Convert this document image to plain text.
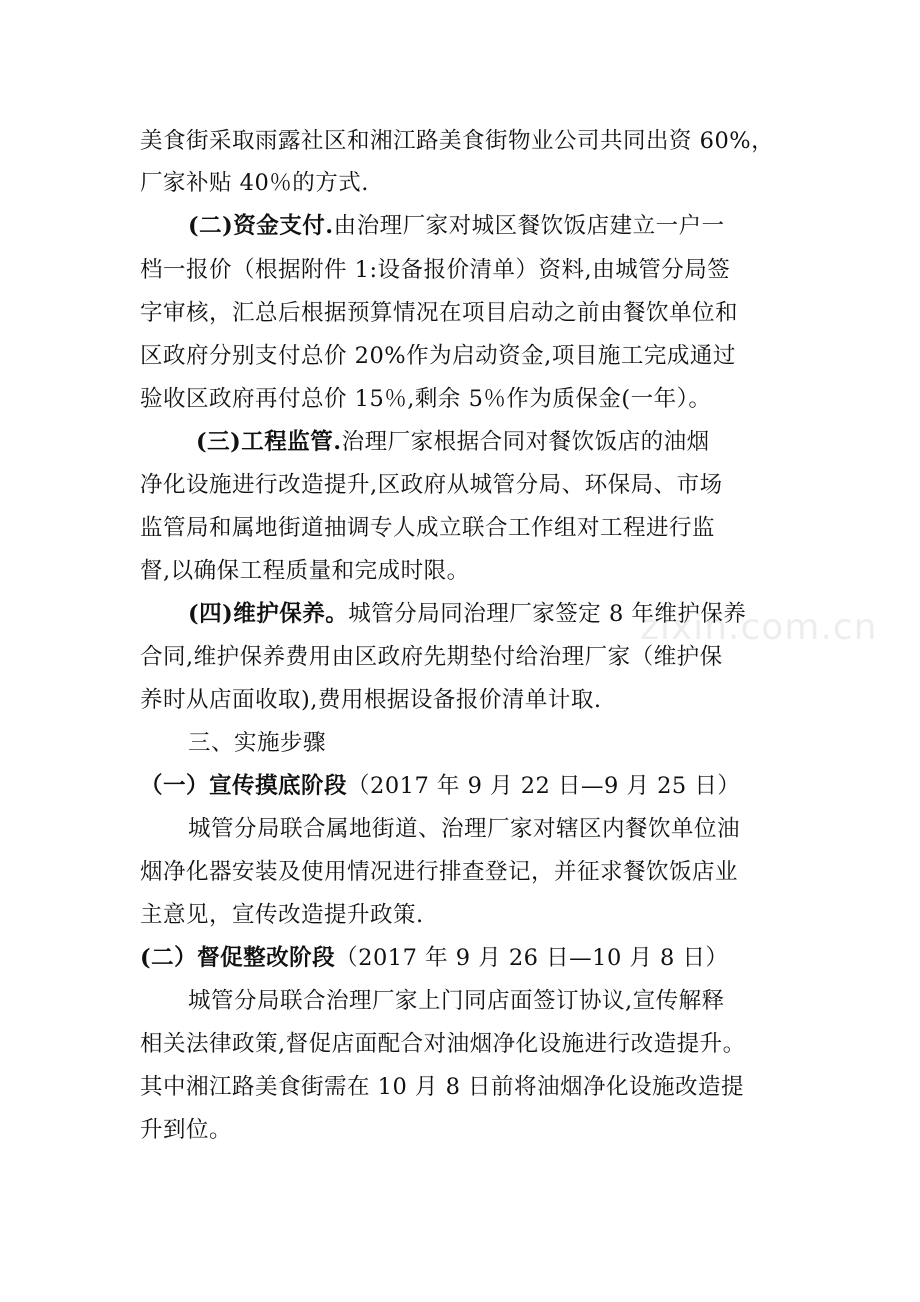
美食街采取雨露社区和湘江路美食街物业公司共同出资 60%，
厂家补贴 40％的方式.
(二)资金支付.由治理厂家对城区餐饮饭店建立一户一
档一报价（根据附件 1:设备报价清单）资料,由城管分局签
字审核，汇总后根据预算情况在项目启动之前由餐饮单位和
区政府分别支付总价 20%作为启动资金,项目施工完成通过
验收区政府再付总价 15％,剩余 5％作为质保金(一年）。
(三)工程监管.治理厂家根据合同对餐饮饭店的油烟
净化设施进行改造提升,区政府从城管分局、环保局、市场
监管局和属地街道抽调专人成立联合工作组对工程进行监
督,以确保工程质量和完成时限。
(四)维护保养。城管分局同治理厂家签定 8 年维护保养
合同,维护保养费用由区政府先期垫付给治理厂家（维护保
养时从店面收取),费用根据设备报价清单计取.
三、实施步骤
（一）宣传摸底阶段（2017 年 9 月 22 日—9 月 25 日）
城管分局联合属地街道、治理厂家对辖区内餐饮单位油
烟净化器安装及使用情况进行排查登记，并征求餐饮饭店业
主意见，宣传改造提升政策.
(二）督促整改阶段（2017 年 9 月 26 日—10 月 8 日）
城管分局联合治理厂家上门同店面签订协议,宣传解释
相关法律政策,督促店面配合对油烟净化设施进行改造提升。
其中湘江路美食街需在 10 月 8 日前将油烟净化设施改造提
升到位。
zixin.com.cn
